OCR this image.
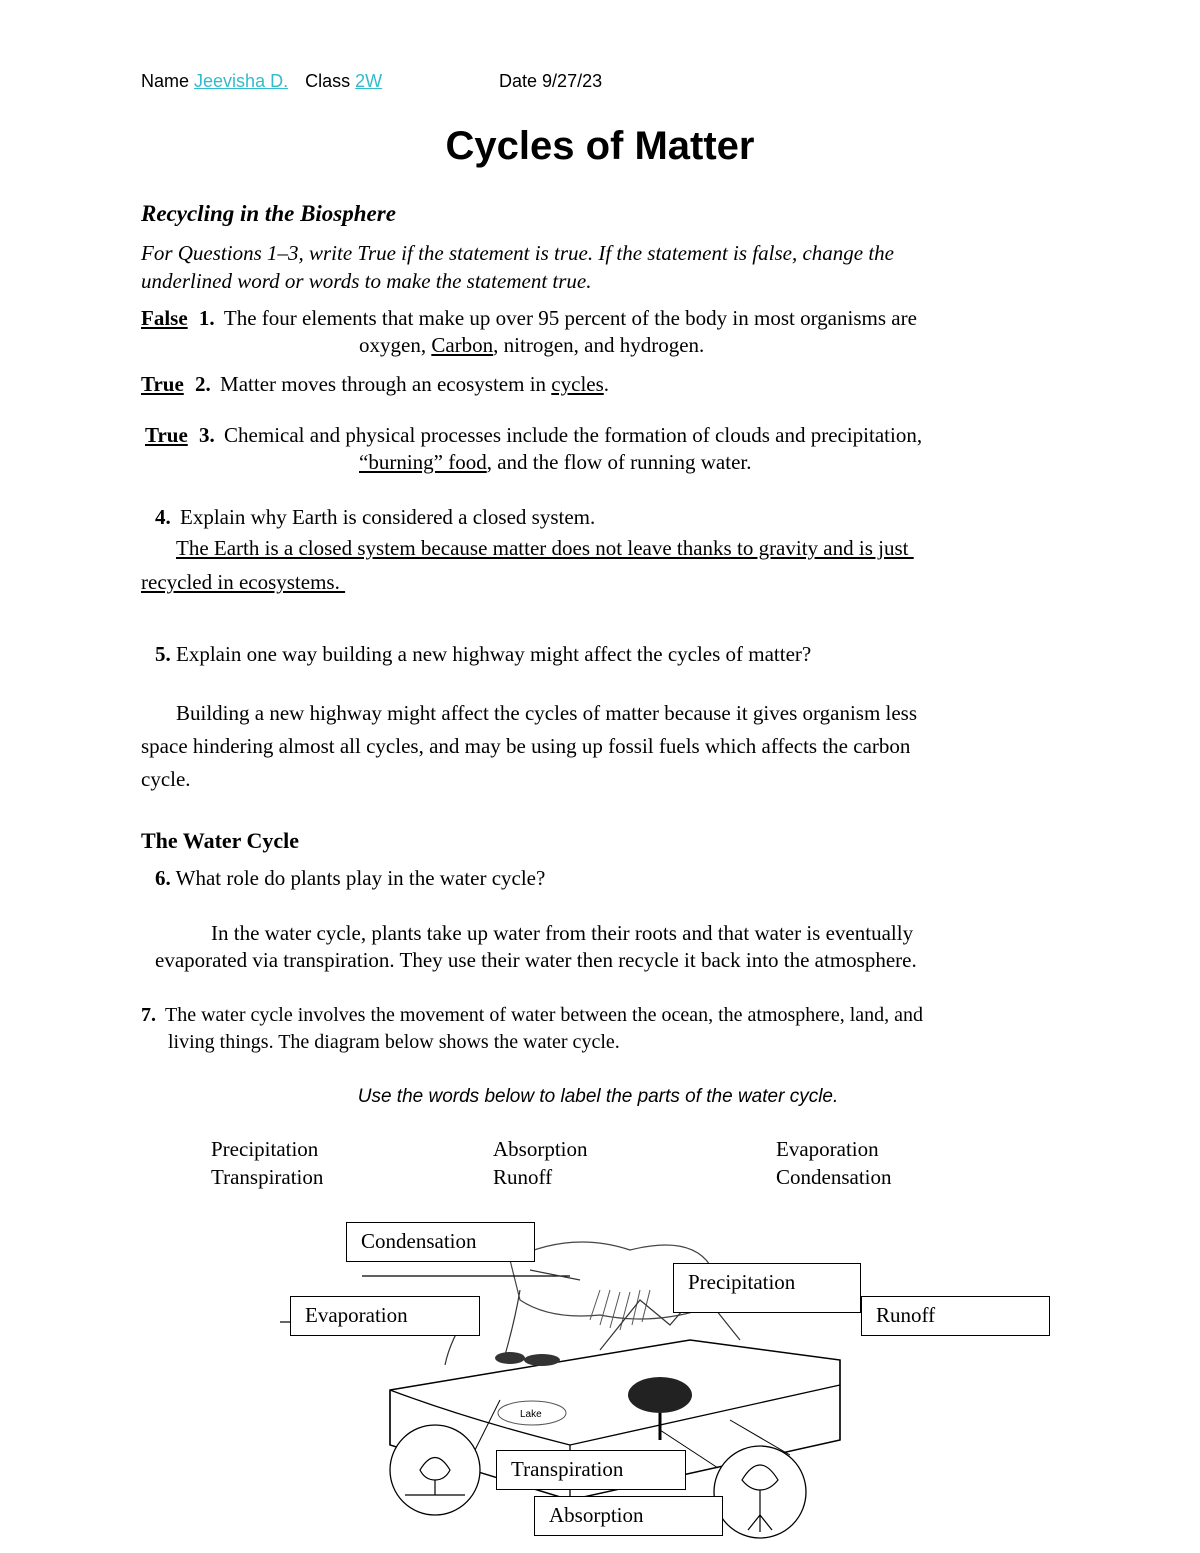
Name Jeevisha D. Class 2W	Date 9/27/23
Cycles of Matter
Recycling in the Biosphere
For Questions 1–3, write True if the statement is true. If the statement is false, change the
underlined word or words to make the statement true.
False 1. The four elements that make up over 95 percent of the body in most organisms are
oxygen, Carbon, nitrogen, and hydrogen.
True 2. Matter moves through an ecosystem in cycles.
True 3. Chemical and physical processes include the formation of clouds and precipitation,
“burning” food, and the flow of running water.
4. Explain why Earth is considered a closed system.
The Earth is a closed system because matter does not leave thanks to gravity and is just
recycled in ecosystems.
5. Explain one way building a new highway might affect the cycles of matter?
Building a new highway might affect the cycles of matter because it gives organism less
space hindering almost all cycles, and may be using up fossil fuels which affects the carbon
cycle.
The Water Cycle
6. What role do plants play in the water cycle?
In the water cycle, plants take up water from their roots and that water is eventually
evaporated via transpiration. They use their water then recycle it back into the atmosphere.
7. The water cycle involves the movement of water between the ocean, the atmosphere, land, and
living things. The diagram below shows the water cycle.
Use the words below to label the parts of the water cycle.
Precipitation	Absorption	Evaporation
Transpiration	Runoff	Condensation
Lake
Condensation
Precipitation
Evaporation	Runoff
Transpiration
Absorption
